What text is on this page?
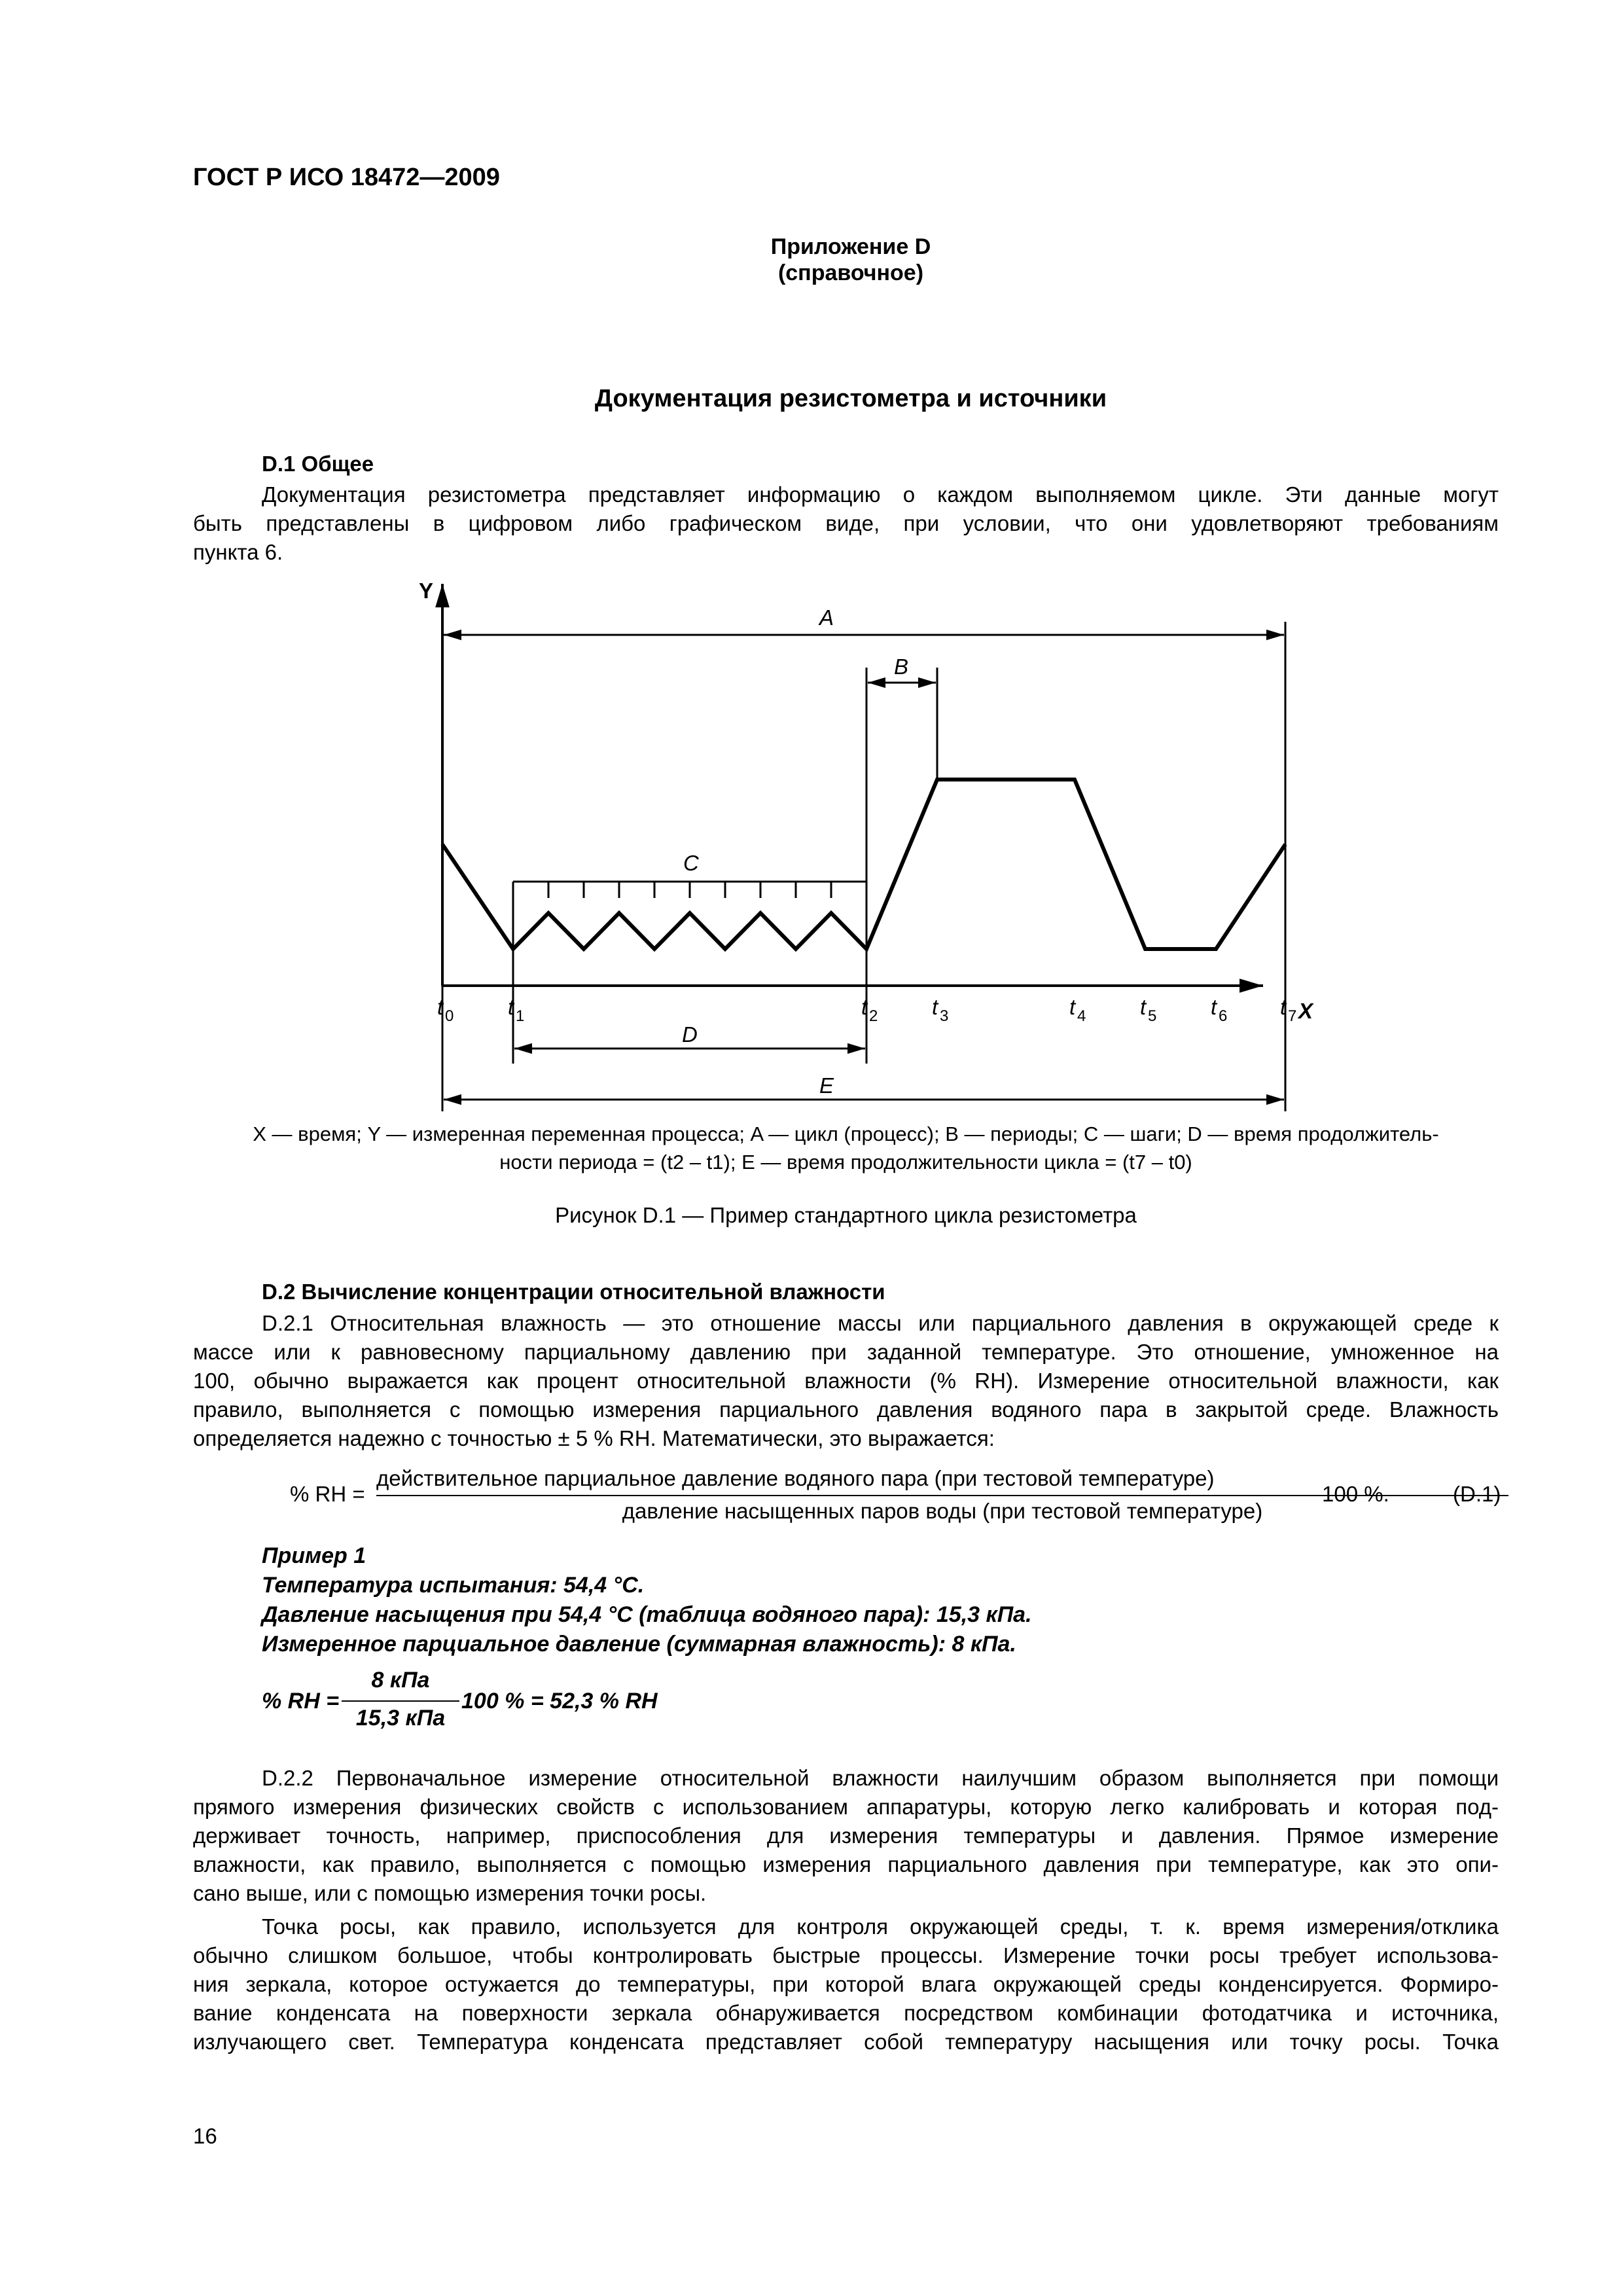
ГОСТ Р ИСО 18472—2009
Приложение D
(справочное)
Документация резистометра и источники
D.1 Общее
Документация резистометра представляет информацию о каждом выполняемом цикле. Эти данные могут
быть представлены в цифровом либо графическом виде, при условии, что они удовлетворяют требованиям
пункта 6.
Y
X
A
B
C
D
E
t 0	t 1	t 2	t 3	t 4	t 5	t 6 t 7
X — время; Y — измеренная переменная процесса; A — цикл (процесс); B — периоды; C — шаги; D — время продолжитель-
ности периода = (t2 – t1); E — время продолжительности цикла = (t7 – t0)
Рисунок D.1 — Пример стандартного цикла резистометра
D.2 Вычисление концентрации относительной влажности
D.2.1 Относительная влажность — это отношение массы или парциального давления в окружающей среде к
массе или к равновесному парциальному давлению при заданной температуре. Это отношение, умноженное на
100, обычно выражается как процент относительной влажности (% RH). Измерение относительной влажности, как
правило, выполняется с помощью измерения парциального давления водяного пара в закрытой среде. Влажность
определяется надежно с точностью ± 5 % RH. Математически, это выражается:
% RH =
действительное парциальное давление водяного пара (при тестовой температуре)
давление насыщенных паров воды (при тестовой температуре)
100 %.	(D.1)
Пример 1
Температура испытания: 54,4 °C.
Давление насыщения при 54,4 °C (таблица водяного пара): 15,3 кПа.
Измеренное парциальное давление (суммарная влажность): 8 кПа.
% RH =
8 кПа
15,3 кПа
100 % = 52,3 % RH
D.2.2 Первоначальное измерение относительной влажности наилучшим образом выполняется при помощи
прямого измерения физических свойств с использованием аппаратуры, которую легко калибровать и которая под-
держивает точность, например, приспособления для измерения температуры и давления. Прямое измерение
влажности, как правило, выполняется с помощью измерения парциального давления при температуре, как это опи-
сано выше, или с помощью измерения точки росы.
Точка росы, как правило, используется для контроля окружающей среды, т. к. время измерения/отклика
обычно слишком большое, чтобы контролировать быстрые процессы. Измерение точки росы требует использова-
ния зеркала, которое остужается до температуры, при которой влага окружающей среды конденсируется. Формиро-
вание конденсата на поверхности зеркала обнаруживается посредством комбинации фотодатчика и источника,
излучающего свет. Температура конденсата представляет собой температуру насыщения или точку росы. Точка
16
